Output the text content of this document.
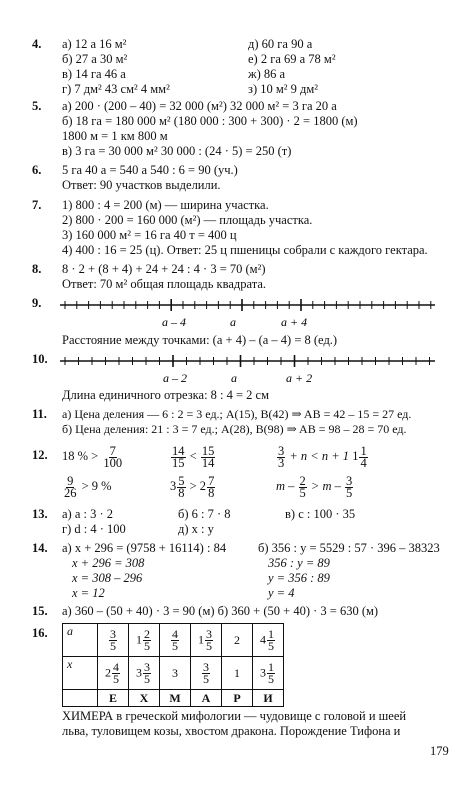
4. а) 12 а 16 м²	д) 60 га 90 а
б) 27 а 30 м²	е) 2 га 69 а 78 м²
в) 14 га 46 а	ж) 86 а
г) 7 дм² 43 см² 4 мм²	з) 10 м² 9 дм²
5. а) 200 · (200 – 40) = 32 000 (м²) 32 000 м² = 3 га 20 а
б) 18 га = 180 000 м² (180 000 : 300 + 300) · 2 = 1800 (м)
1800 м = 1 км 800 м
в) 3 га = 30 000 м² 30 000 : (24 · 5) = 250 (т)
6. 5 га 40 а = 540 а 540 : 6 = 90 (уч.)
Ответ: 90 участков выделили.
7. 1) 800 : 4 = 200 (м) — ширина участка.
2) 800 · 200 = 160 000 (м²) — площадь участка.
3) 160 000 м² = 16 га 40 т = 400 ц
4) 400 : 16 = 25 (ц). Ответ: 25 ц пшеницы собрали с каждого гектара.
8. 8 · 2 + (8 + 4) + 24 + 24 : 4 · 3 = 70 (м²)
Ответ: 70 м² общая площадь квадрата.
9.
a – 4	a	a + 4
Расстояние между точками: (a + 4) – (a – 4) = 8 (ед.)
10.
a – 2	a	a + 2
Длина единичного отрезка: 8 : 4 = 2 см
11. а) Цена деления — 6 : 2 = 3 ед.; A(15), B(42) ⇒ AB = 42 – 15 = 27 ед.
б) Цена деления: 21 : 3 = 7 ед.; A(28), B(98) ⇒ AB = 98 – 28 = 70 ед.
12. 18 % > $\frac{7}{100}$	$\frac{14}{15} < \frac{15}{14}$	$\frac{3}{3} + n < n + 1$ $1 \frac{1}{4}$
$\frac{9}{26} > 9$ %	$3 \frac{5}{8} > 2 \frac{7}{8}$	$m - \frac{2}{5} > m - \frac{3}{5}$
13. а) a : 3 · 2	б) 6 : 7 · 8	в) c : 100 · 35
г) d : 4 · 100	д) x : y
14. а) x + 296 = (9758 + 16114) : 84
x + 296 = 308
x = 308 – 296
x = 12
б) 356 : y = 5529 : 57 · 396 – 38323
356 : y = 89
y = 356 : 89
y = 4
15. а) 360 – (50 + 40) · 3 = 90 (м) б) 360 + (50 + 40) · 3 = 630 (м)
16. a	$\frac{3}{5}$	$1 \frac{2}{5}$	$\frac{4}{5}$	$1 \frac{3}{5}$	2	$4 \frac{1}{5}$

x	$2 \frac{4}{5}$	$3 \frac{3}{5}$	3	$\frac{3}{5}$	1	$3 \frac{1}{5}$

	Е	Х	М	А	Р	И
ХИМЕРА в греческой мифологии — чудовище с головой и шеей
льва, туловищем козы, хвостом дракона. Порождение Тифона и
179
